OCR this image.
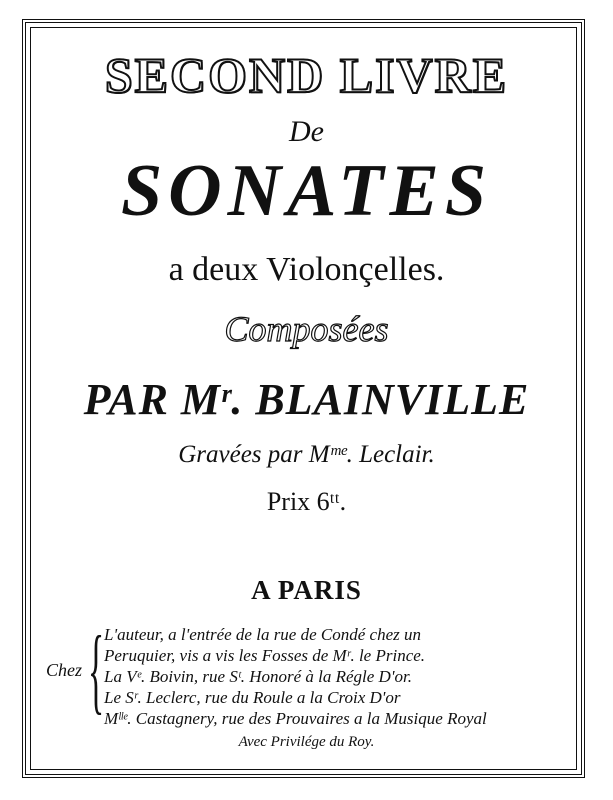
SECOND LIVRE
De
SONATES
a deux Violonçelles.
Composées
PAR Mʳ. BLAINVILLE
Gravées par Mᵐᵉ. Leclair.
Prix 6ᵗᵗ.
A PARIS
Chez { L'auteur, a l'entrée de la rue de Condé chez un
Peruquier, vis a vis les Fosses de Mʳ. le Prince.
La Vᵉ. Boivin, rue Sᵗ. Honoré à la Régle D'or.
Le Sʳ. Leclerc, rue du Roule a la Croix D'or
Mˡˡᵉ. Castagnery, rue des Prouvaires a la Musique Royal
Avec Privilége du Roy.
